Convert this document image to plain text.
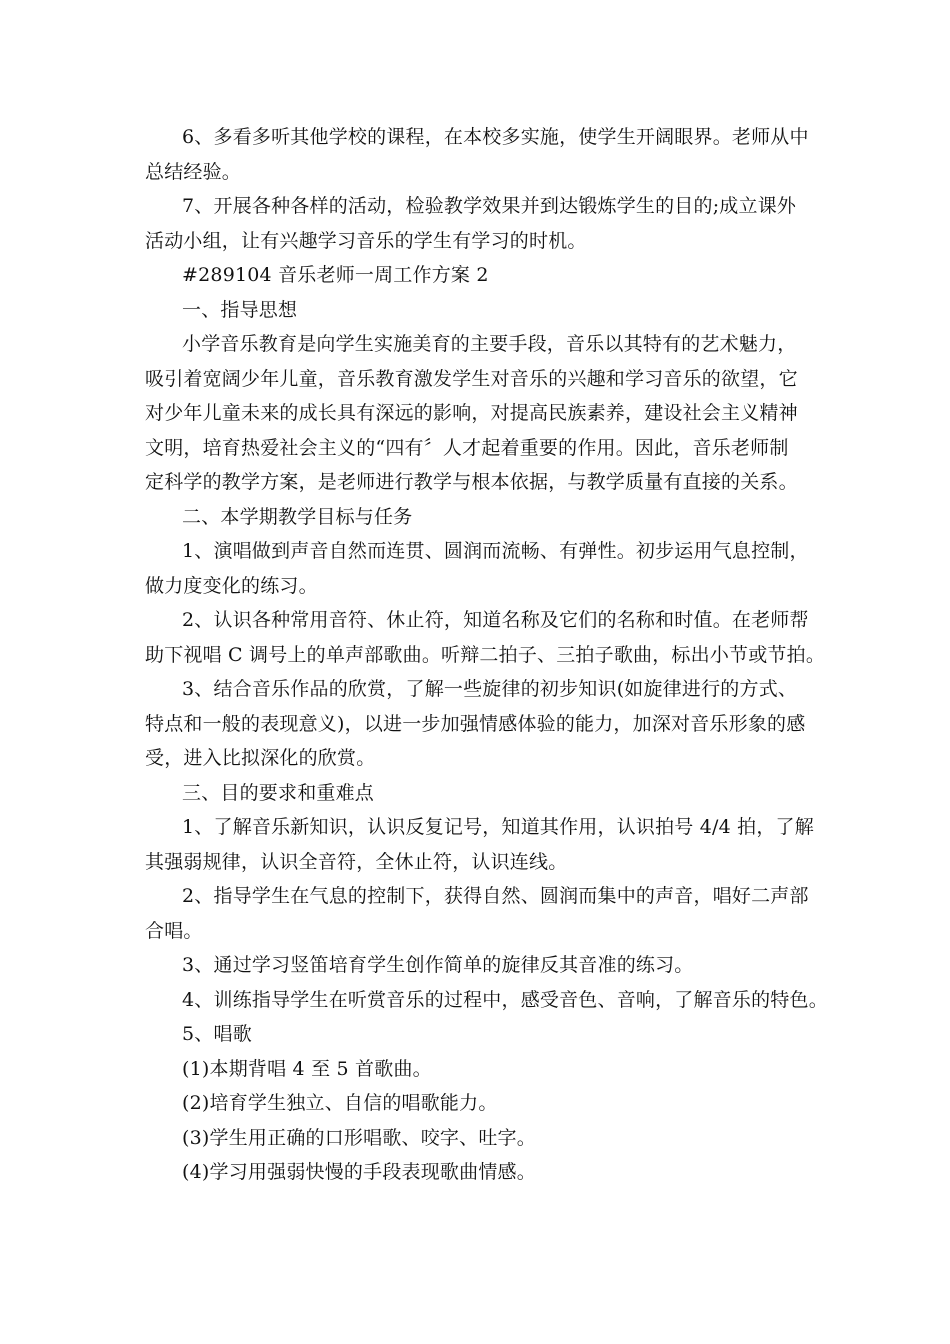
6、多看多听其他学校的课程，在本校多实施，使学生开阔眼界。老师从中
总结经验。
7、开展各种各样的活动，检验教学效果并到达锻炼学生的目的;成立课外
活动小组，让有兴趣学习音乐的学生有学习的时机。
#289104 音乐老师一周工作方案 2
一、指导思想
小学音乐教育是向学生实施美育的主要手段，音乐以其特有的艺术魅力，
吸引着宽阔少年儿童，音乐教育激发学生对音乐的兴趣和学习音乐的欲望，它
对少年儿童未来的成长具有深远的影响，对提高民族素养，建设社会主义精神
文明，培育热爱社会主义的“四有〞人才起着重要的作用。因此，音乐老师制
定科学的教学方案，是老师进行教学与根本依据，与教学质量有直接的关系。
二、本学期教学目标与任务
1、演唱做到声音自然而连贯、圆润而流畅、有弹性。初步运用气息控制，
做力度变化的练习。
2、认识各种常用音符、休止符，知道名称及它们的名称和时值。在老师帮
助下视唱 C 调号上的单声部歌曲。听辩二拍子、三拍子歌曲，标出小节或节拍。
3、结合音乐作品的欣赏，了解一些旋律的初步知识(如旋律进行的方式、
特点和一般的表现意义)，以进一步加强情感体验的能力，加深对音乐形象的感
受，进入比拟深化的欣赏。
三、目的要求和重难点
1、了解音乐新知识，认识反复记号，知道其作用，认识拍号 4/4 拍，了解
其强弱规律，认识全音符，全休止符，认识连线。
2、指导学生在气息的控制下，获得自然、圆润而集中的声音，唱好二声部
合唱。
3、通过学习竖笛培育学生创作简单的旋律反其音准的练习。
4、训练指导学生在听赏音乐的过程中，感受音色、音响，了解音乐的特色。
5、唱歌
(1)本期背唱 4 至 5 首歌曲。
(2)培育学生独立、自信的唱歌能力。
(3)学生用正确的口形唱歌、咬字、吐字。
(4)学习用强弱快慢的手段表现歌曲情感。
